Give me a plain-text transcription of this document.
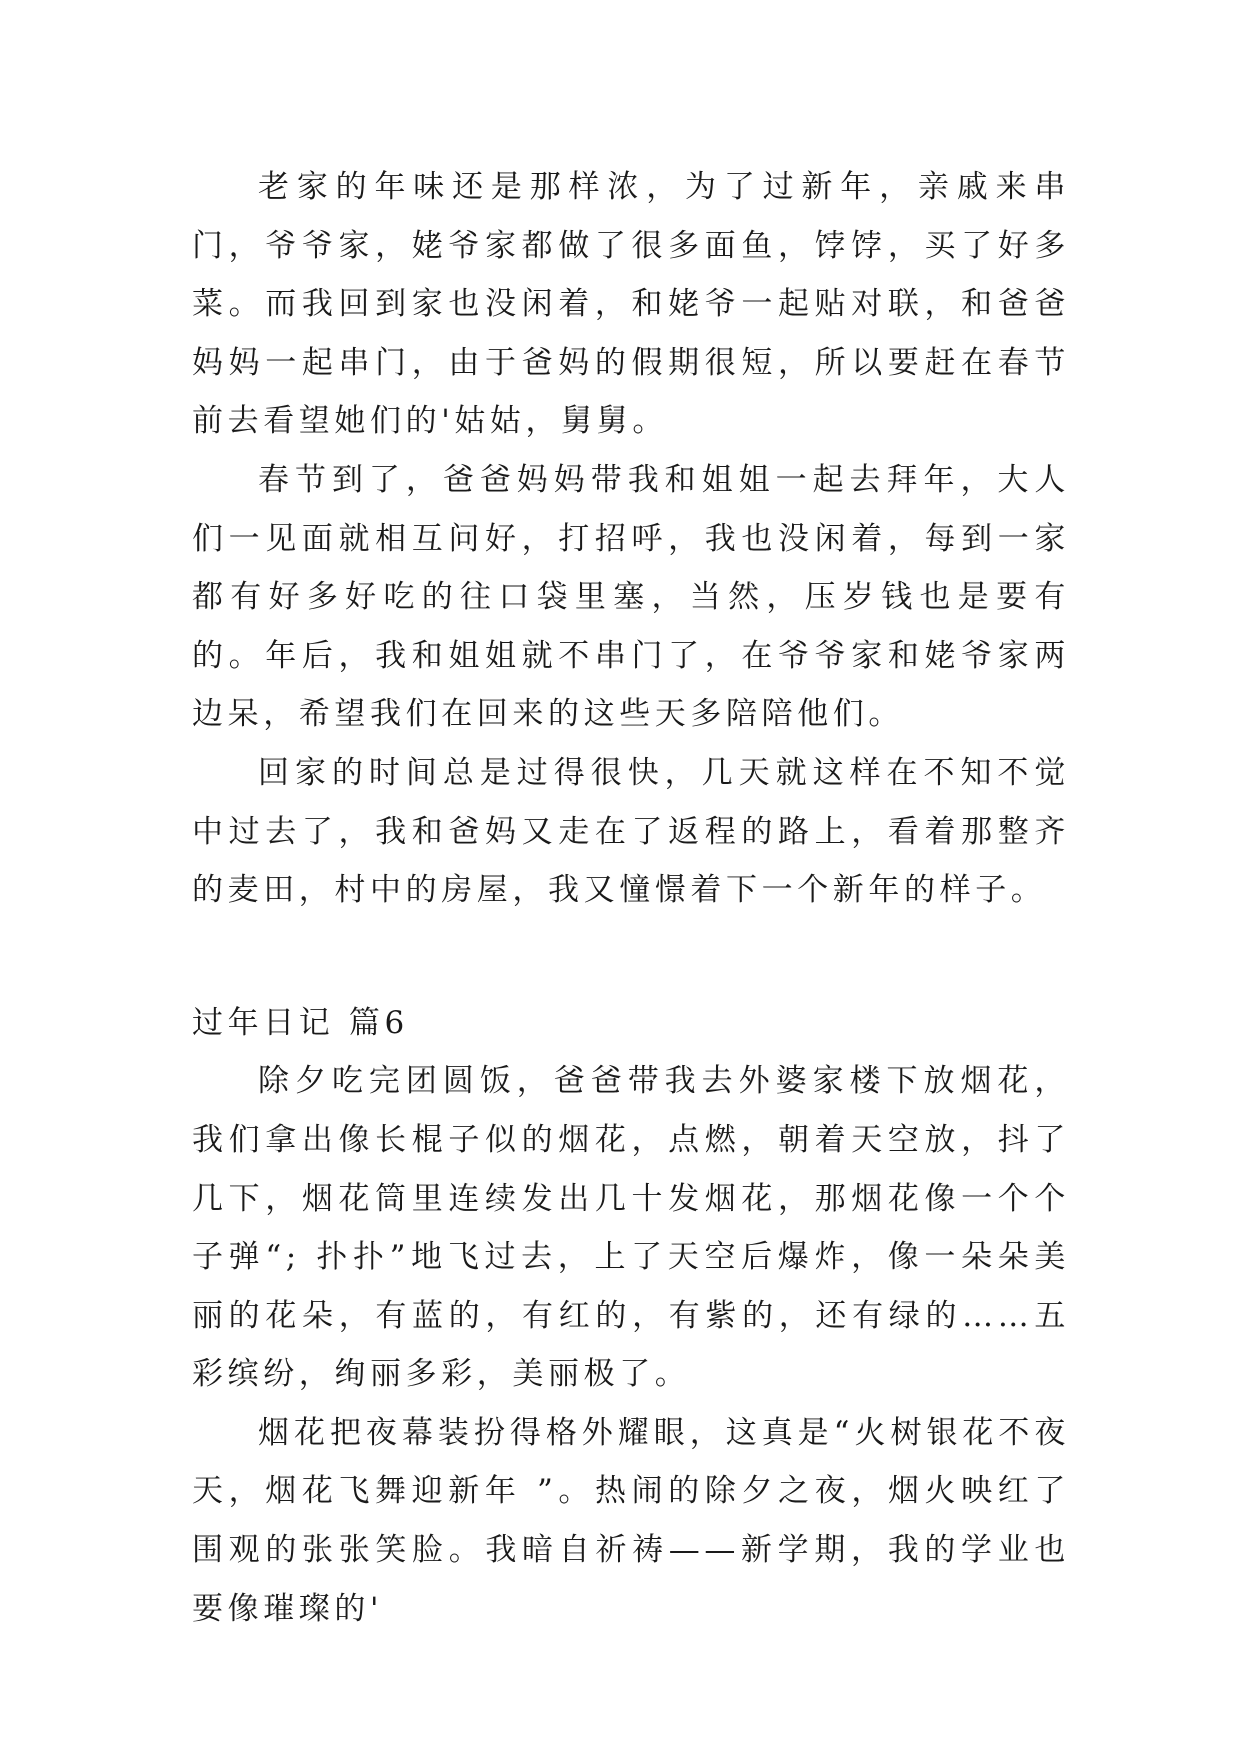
老家的年味还是那样浓，为了过新年，亲戚来串门，爷爷家，姥爷家都做了很多面鱼，饽饽，买了好多菜。而我回到家也没闲着，和姥爷一起贴对联，和爸爸妈妈一起串门，由于爸妈的假期很短，所以要赶在春节前去看望她们的'姑姑，舅舅。

春节到了，爸爸妈妈带我和姐姐一起去拜年，大人们一见面就相互问好，打招呼，我也没闲着，每到一家都有好多好吃的往口袋里塞，当然，压岁钱也是要有的。年后，我和姐姐就不串门了，在爷爷家和姥爷家两边呆，希望我们在回来的这些天多陪陪他们。

回家的时间总是过得很快，几天就这样在不知不觉中过去了，我和爸妈又走在了返程的路上，看着那整齐的麦田，村中的房屋，我又憧憬着下一个新年的样子。

过年日记 篇6

除夕吃完团圆饭，爸爸带我去外婆家楼下放烟花，我们拿出像长棍子似的烟花，点燃，朝着天空放，抖了几下，烟花筒里连续发出几十发烟花，那烟花像一个个子弹“; 扑扑”地飞过去，上了天空后爆炸，像一朵朵美丽的花朵，有蓝的，有红的，有紫的，还有绿的……五彩缤纷，绚丽多彩，美丽极了。

烟花把夜幕装扮得格外耀眼，这真是“火树银花不夜天，烟花飞舞迎新年 ”。热闹的除夕之夜，烟火映红了围观的张张笑脸。我暗自祈祷——新学期，我的学业也要像璀璨的'
